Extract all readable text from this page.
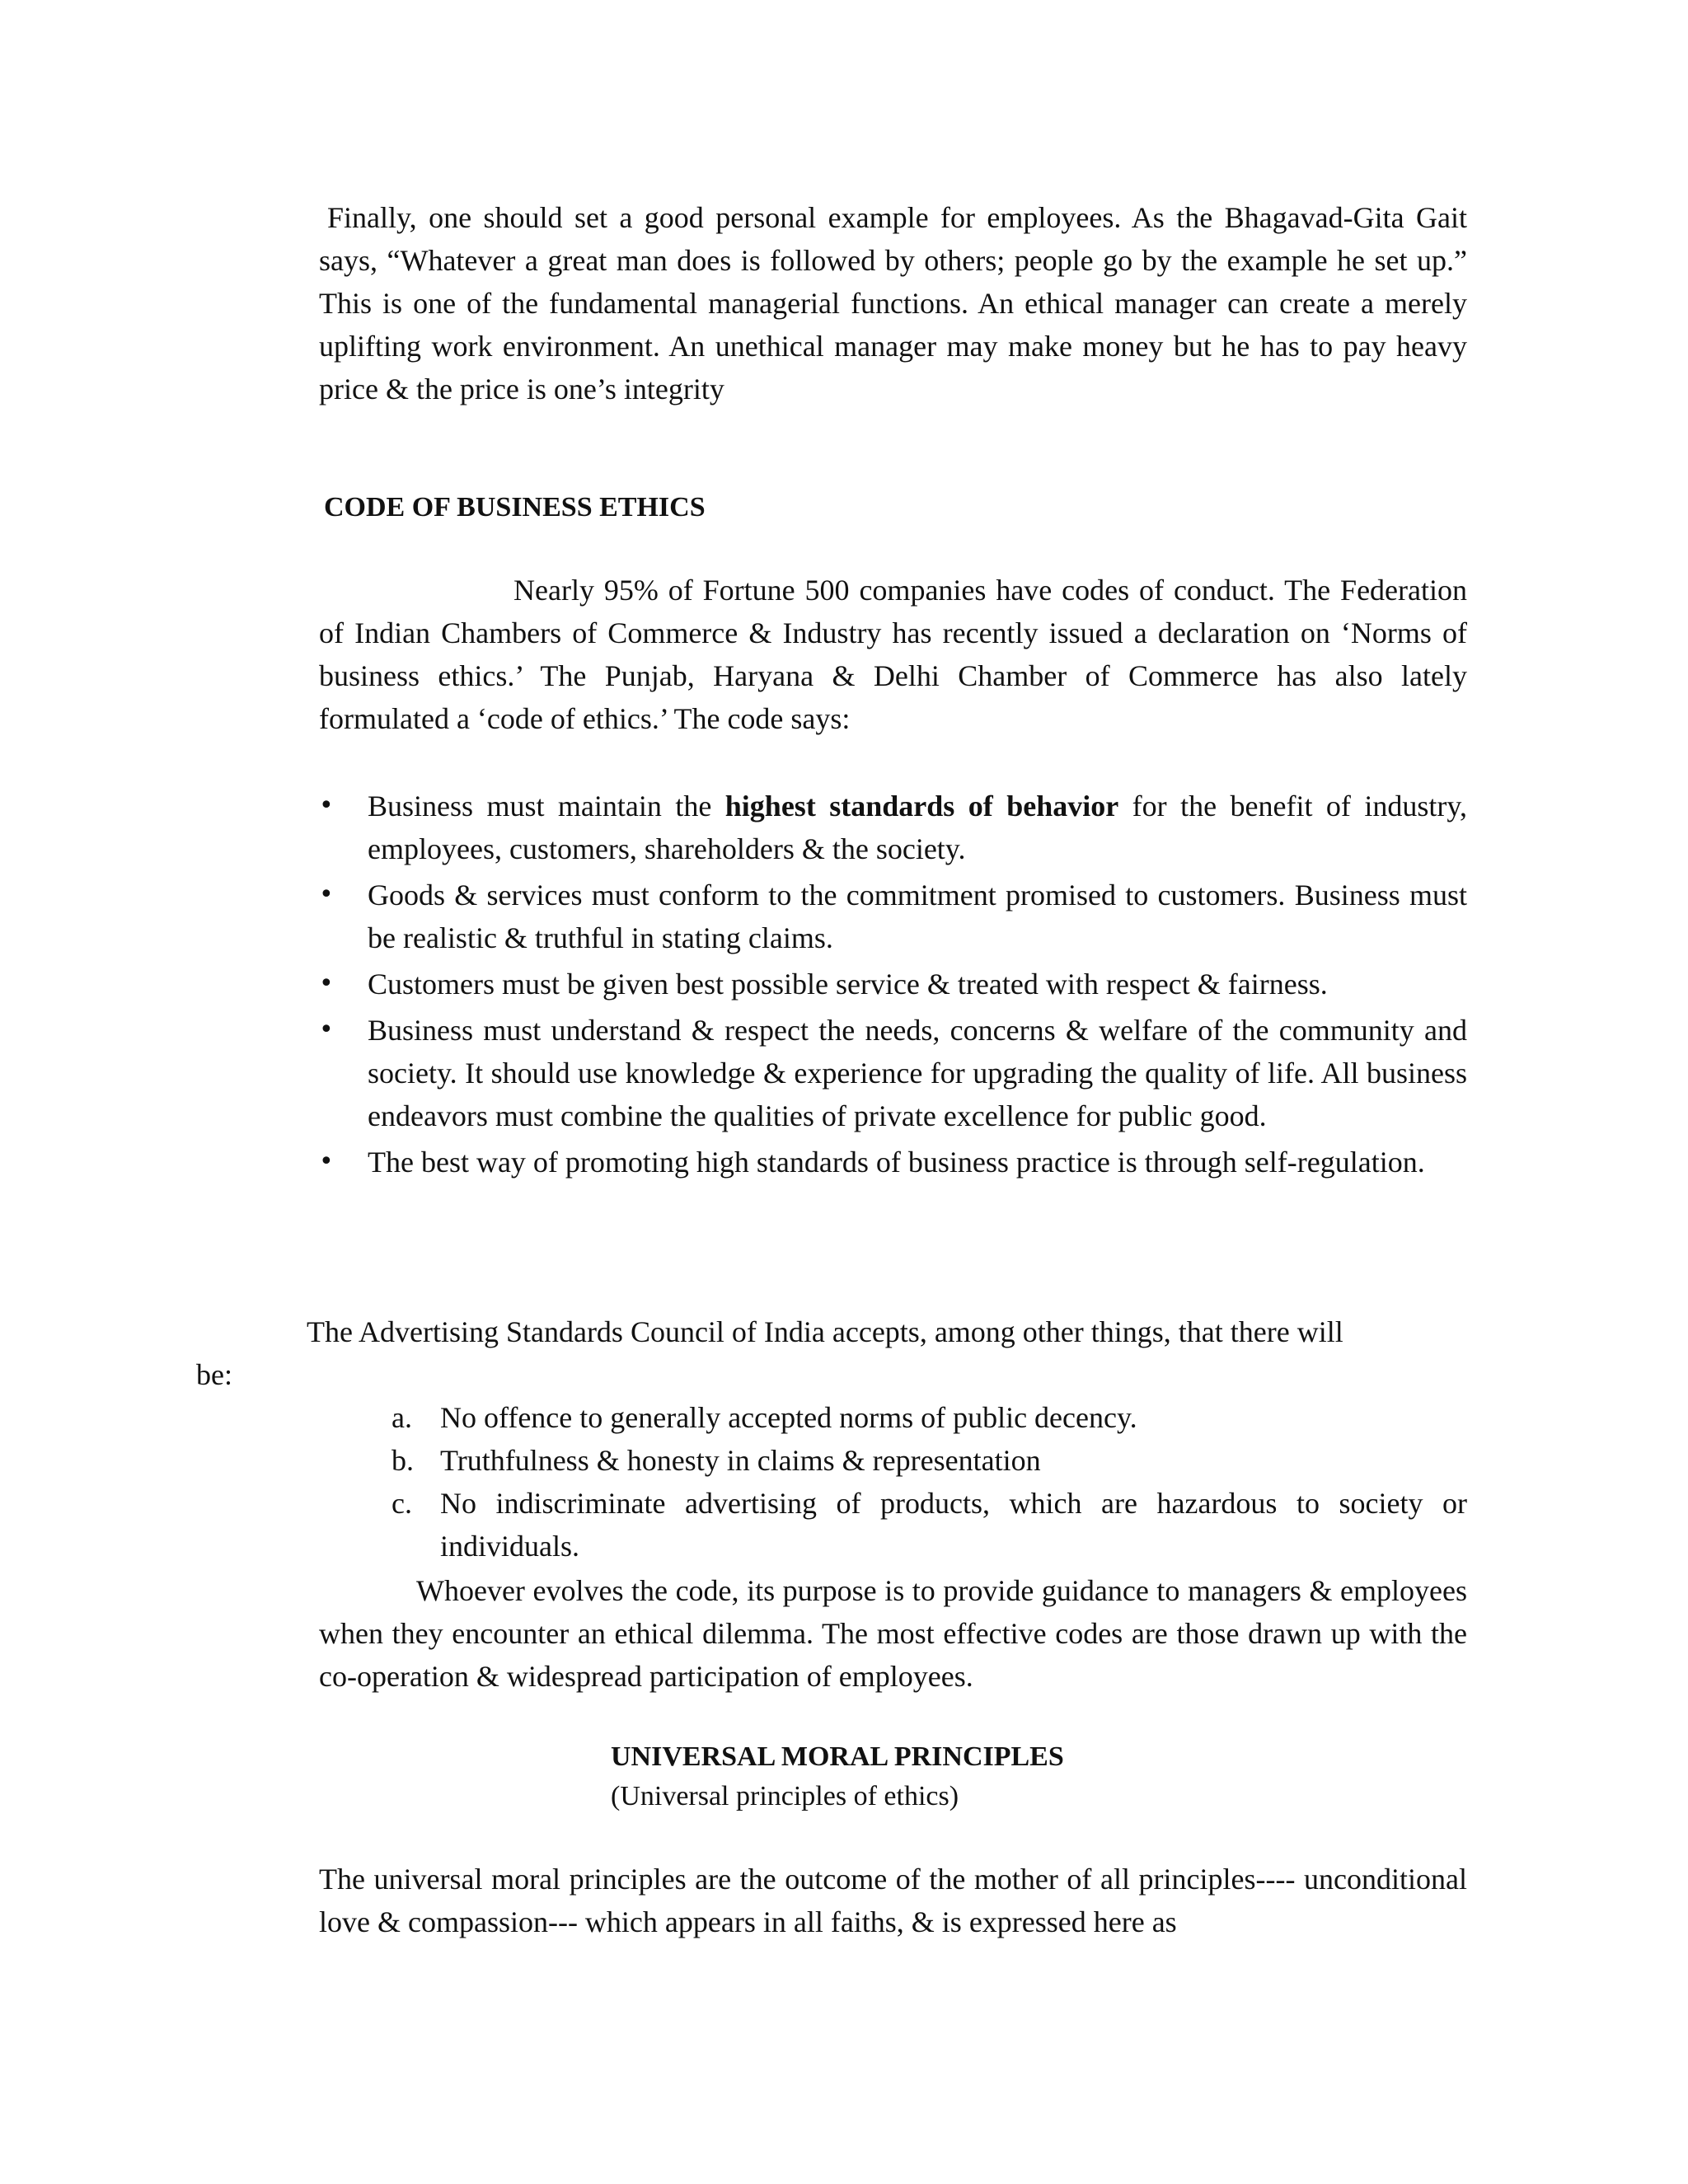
Finally, one should set a good personal example for employees. As the Bhagavad-Gita Gait says, “Whatever a great man does is followed by others; people go by the example he set up.” This is one of the fundamental managerial functions. An ethical manager can create a merely uplifting work environment. An unethical manager may make money but he has to pay heavy price & the price is one’s integrity

CODE OF BUSINESS ETHICS

Nearly 95% of Fortune 500 companies have codes of conduct. The Federation of Indian Chambers of Commerce & Industry has recently issued a declaration on ‘Norms of business ethics.’ The Punjab, Haryana & Delhi Chamber of Commerce has also lately formulated a ‘code of ethics.’ The code says:

• Business must maintain the highest standards of behavior for the benefit of industry, employees, customers, shareholders & the society.
• Goods & services must conform to the commitment promised to customers. Business must be realistic & truthful in stating claims.
• Customers must be given best possible service & treated with respect & fairness.
• Business must understand & respect the needs, concerns & welfare of the community and society. It should use knowledge & experience for upgrading the quality of life. All business endeavors must combine the qualities of private excellence for public good.
• The best way of promoting high standards of business practice is through self-regulation.

The Advertising Standards Council of India accepts, among other things, that there will

be:

a. No offence to generally accepted norms of public decency.
b. Truthfulness & honesty in claims & representation
c. No indiscriminate advertising of products, which are hazardous to society or individuals.

Whoever evolves the code, its purpose is to provide guidance to managers & employees when they encounter an ethical dilemma. The most effective codes are those drawn up with the co-operation & widespread participation of employees.

UNIVERSAL MORAL PRINCIPLES

(Universal principles of ethics)

The universal moral principles are the outcome of the mother of all principles---- unconditional love & compassion--- which appears in all faiths, & is expressed here as
